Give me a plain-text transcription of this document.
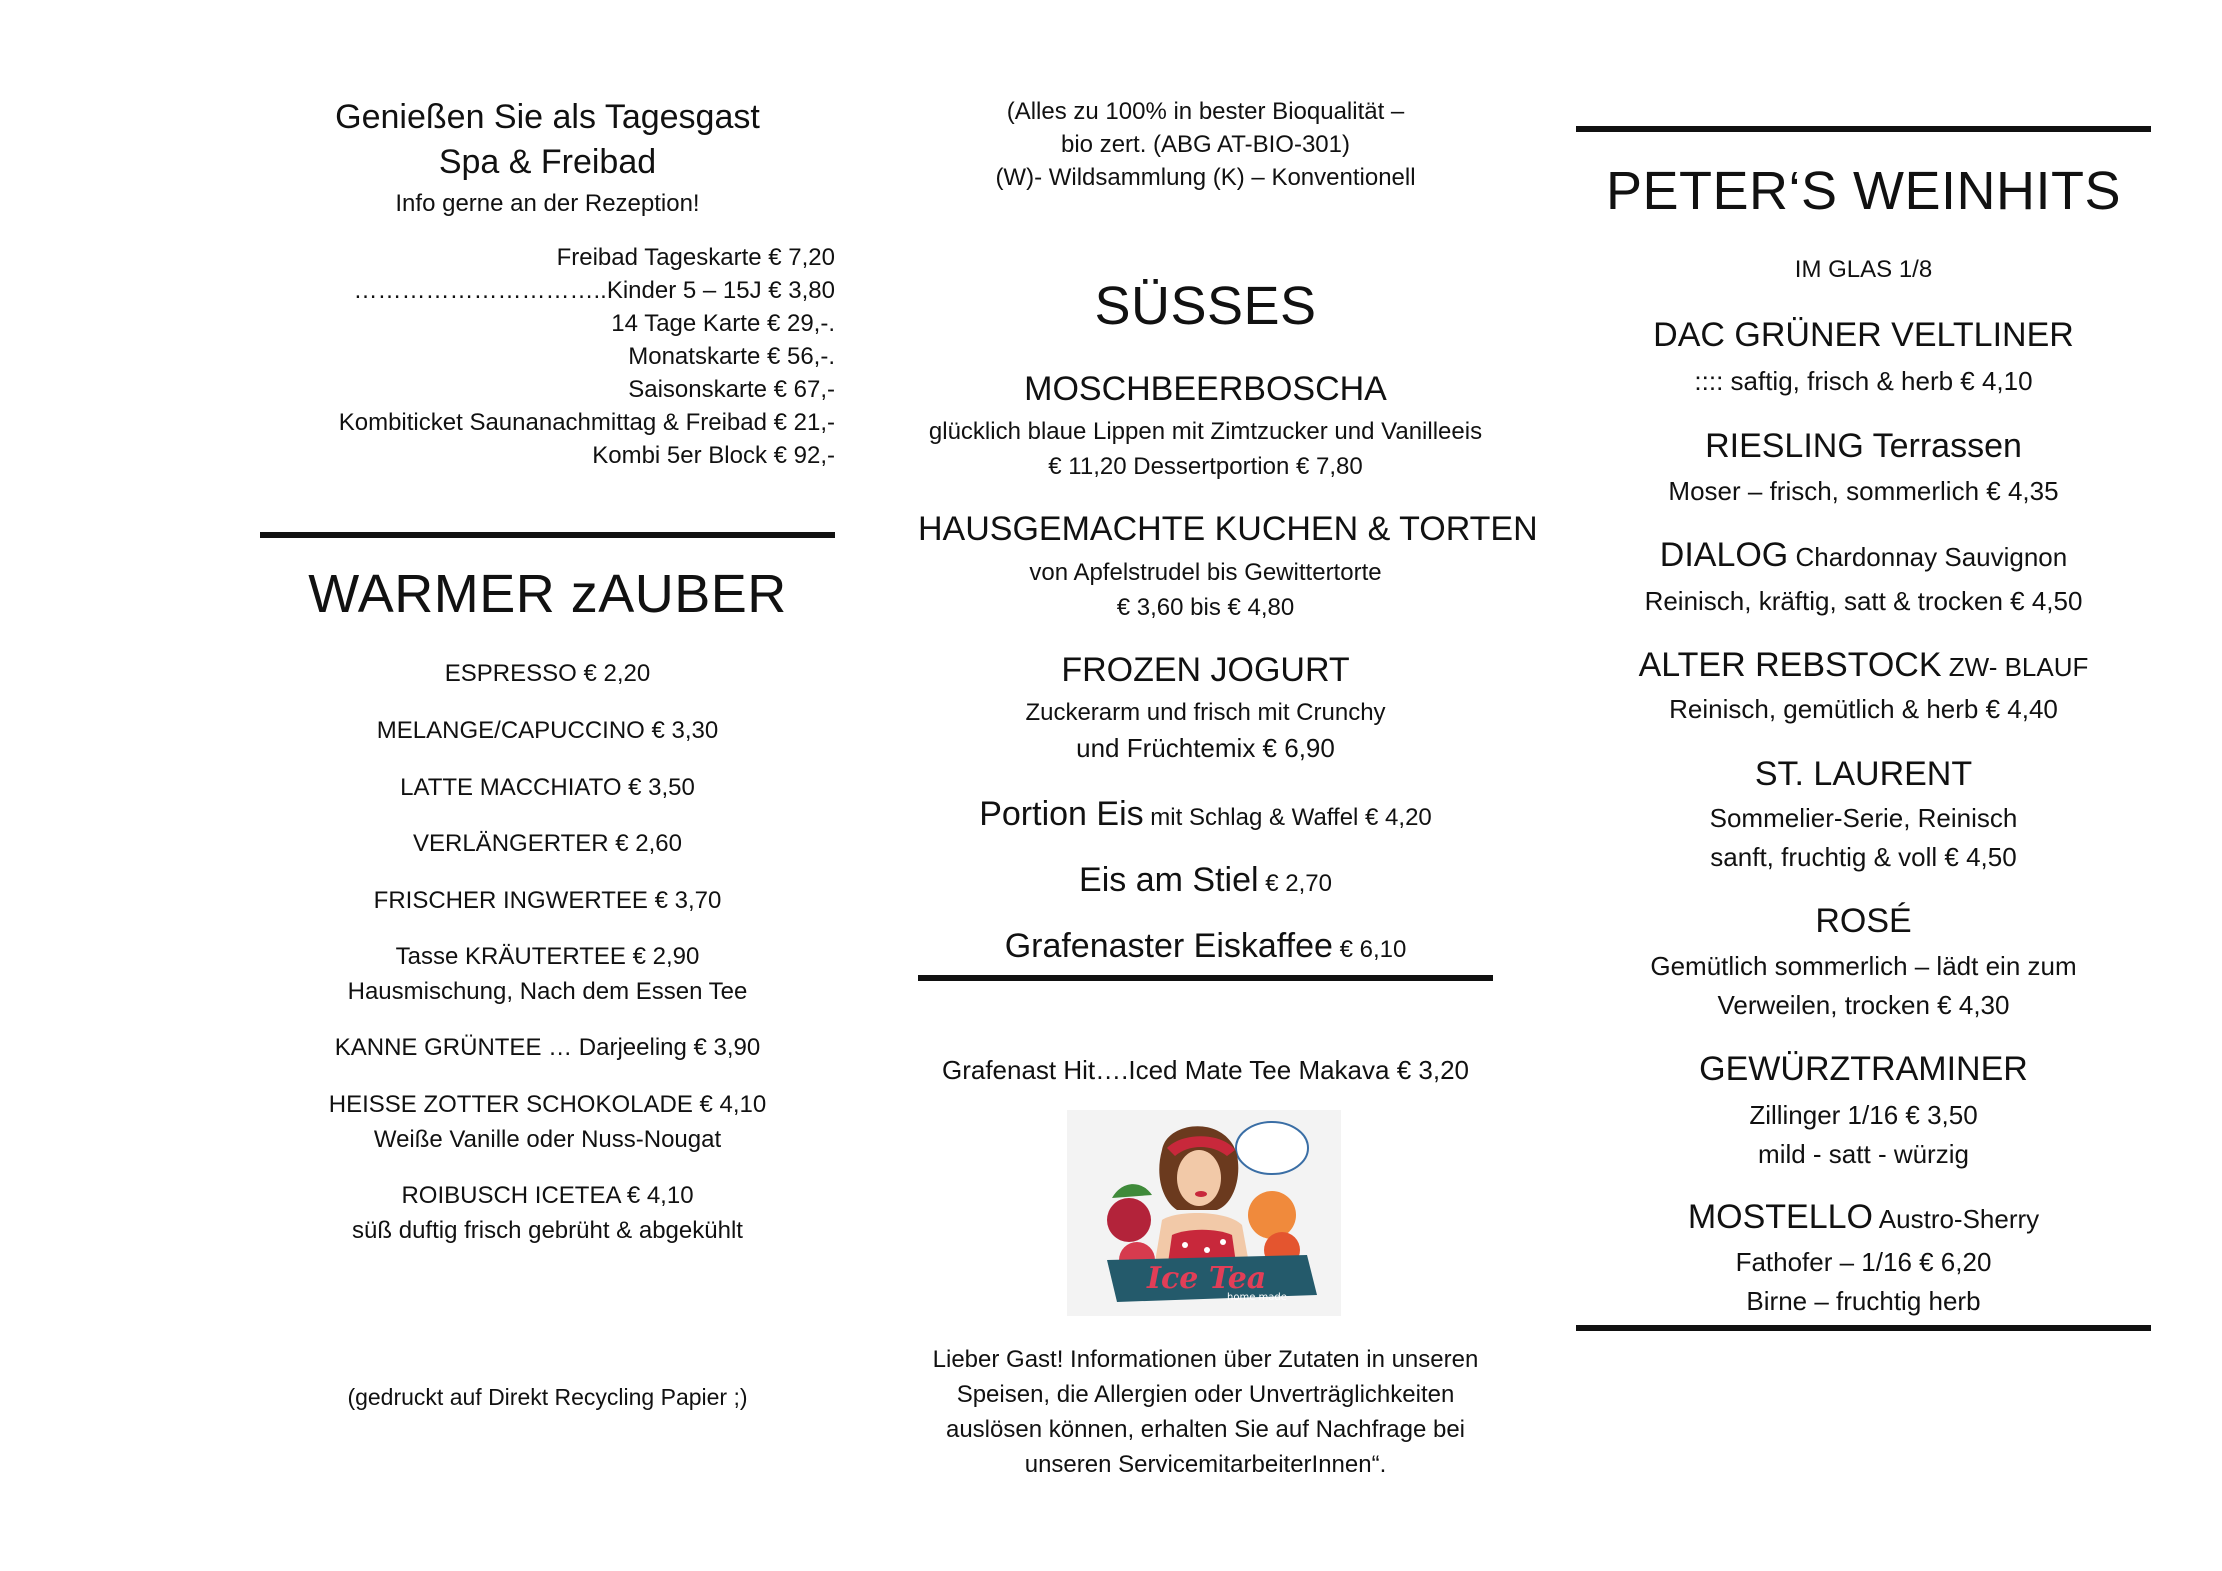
Genießen Sie als Tagesgast
Spa & Freibad
Info gerne an der Rezeption!
Freibad Tageskarte € 7,20
…………………………..Kinder 5 – 15J € 3,80
14 Tage Karte € 29,-.
Monatskarte € 56,-.
Saisonskarte € 67,-
Kombiticket Saunanachmittag & Freibad € 21,-
Kombi 5er Block € 92,-
WARMER zAUBER
ESPRESSO € 2,20
MELANGE/CAPUCCINO € 3,30
LATTE MACCHIATO € 3,50
VERLÄNGERTER € 2,60
FRISCHER INGWERTEE € 3,70
Tasse KRÄUTERTEE € 2,90
Hausmischung, Nach dem Essen Tee
KANNE GRÜNTEE … Darjeeling € 3,90
HEISSE ZOTTER SCHOKOLADE € 4,10
Weiße Vanille oder Nuss-Nougat
ROIBUSCH ICETEA € 4,10
süß duftig frisch gebrüht & abgekühlt
(gedruckt auf Direkt Recycling Papier ;)
(Alles zu 100% in bester Bioqualität –
bio zert. (ABG AT-BIO-301)
(W)- Wildsammlung (K) – Konventionell
SÜSSES
MOSCHBEERBOSCHA
glücklich blaue Lippen mit Zimtzucker und Vanilleeis
€ 11,20 Dessertportion € 7,80
HAUSGEMACHTE KUCHEN & TORTEN
von Apfelstrudel bis Gewittertorte
€ 3,60 bis € 4,80
FROZEN JOGURT
Zuckerarm und frisch mit Crunchy
und Früchtemix € 6,90
Portion Eis mit Schlag & Waffel € 4,20
Eis am Stiel € 2,70
Grafenaster Eiskaffee € 6,10
Grafenast Hit….Iced Mate Tee Makava € 3,20
Lieber Gast! Informationen über Zutaten in unseren
Speisen, die Allergien oder Unverträglichkeiten
auslösen können, erhalten Sie auf Nachfrage bei
unseren ServicemitarbeiterInnen“.
Ice Tea
home made
PETER‘S WEINHITS
IM GLAS 1/8
DAC GRÜNER VELTLINER
:::: saftig, frisch & herb € 4,10
RIESLING Terrassen
Moser – frisch, sommerlich € 4,35
DIALOG Chardonnay Sauvignon
Reinisch, kräftig, satt & trocken € 4,50
ALTER REBSTOCK ZW- BLAUF
Reinisch, gemütlich & herb € 4,40
ST. LAURENT
Sommelier-Serie, Reinisch
sanft, fruchtig & voll € 4,50
ROSÉ
Gemütlich sommerlich – lädt ein zum
Verweilen, trocken € 4,30
GEWÜRZTRAMINER
Zillinger 1/16 € 3,50
mild - satt - würzig
MOSTELLO Austro-Sherry
Fathofer – 1/16 € 6,20
Birne – fruchtig herb
